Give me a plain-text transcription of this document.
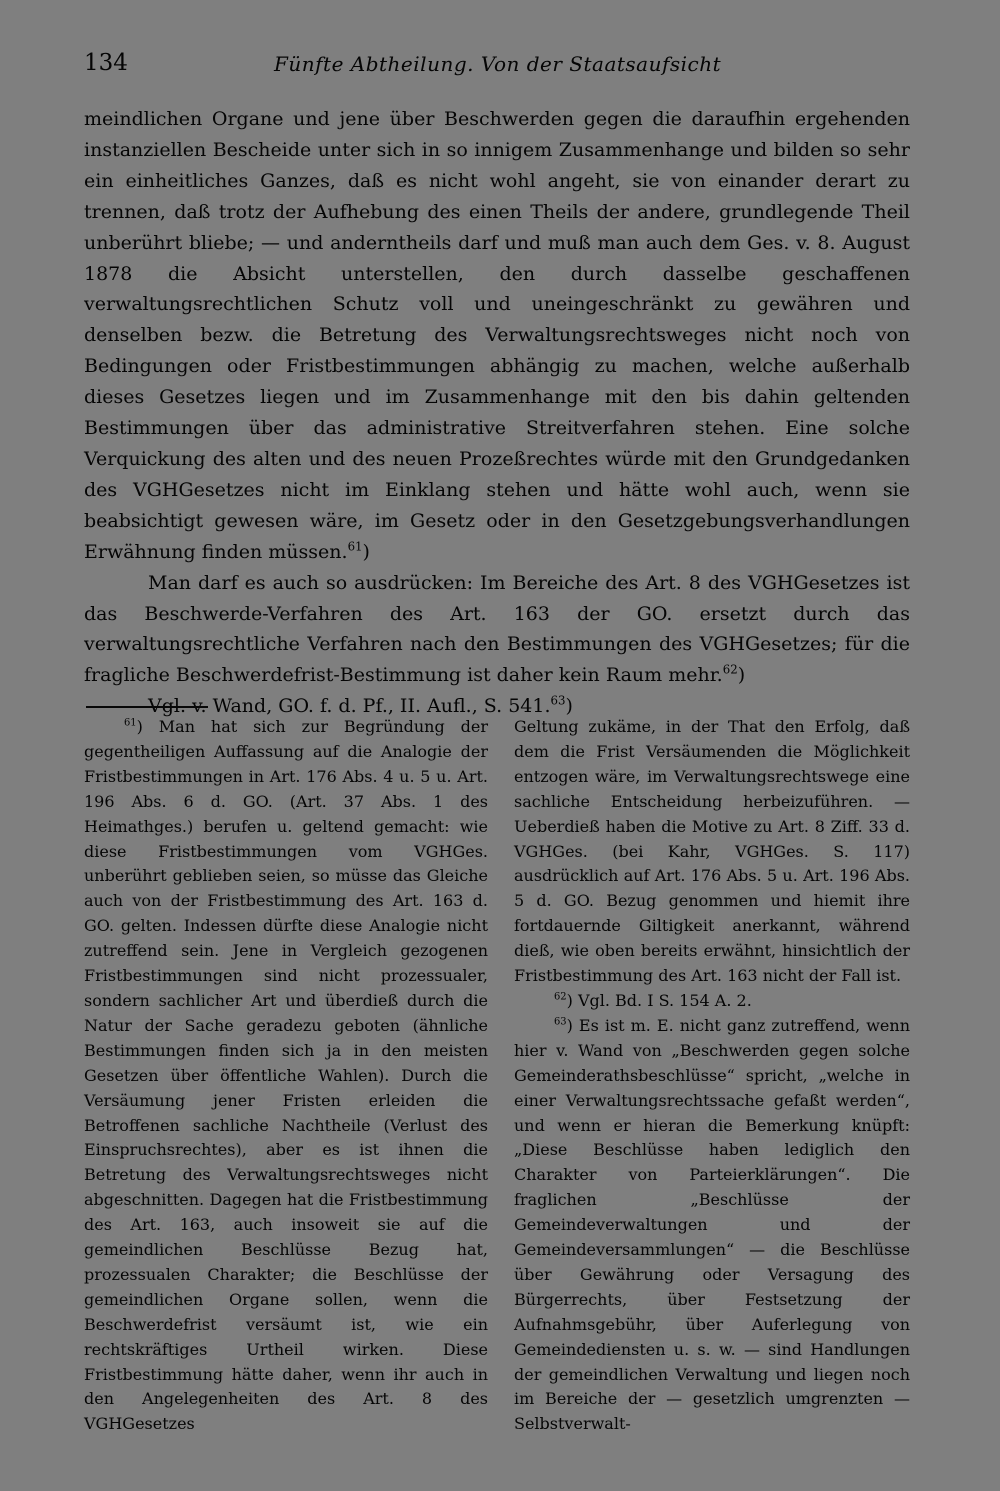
134	Fünfte Abtheilung. Von der Staatsaufsicht

meindlichen Organe und jene über Beschwerden gegen die daraufhin ergehenden instanziellen Bescheide unter sich in so innigem Zusammenhange und bilden so sehr ein einheitliches Ganzes, daß es nicht wohl angeht, sie von einander derart zu trennen, daß trotz der Aufhebung des einen Theils der andere, grundlegende Theil unberührt bliebe; — und anderntheils darf und muß man auch dem Ges. v. 8. August 1878 die Absicht unterstellen, den durch dasselbe geschaffenen verwaltungsrechtlichen Schutz voll und uneingeschränkt zu gewähren und denselben bezw. die Betretung des Verwaltungsrechtsweges nicht noch von Bedingungen oder Fristbestimmungen abhängig zu machen, welche außerhalb dieses Gesetzes liegen und im Zusammenhange mit den bis dahin geltenden Bestimmungen über das administrative Streitverfahren stehen. Eine solche Verquickung des alten und des neuen Prozeßrechtes würde mit den Grundgedanken des VGHGesetzes nicht im Einklang stehen und hätte wohl auch, wenn sie beabsichtigt gewesen wäre, im Gesetz oder in den Gesetzgebungsverhandlungen Erwähnung finden müssen.$^{61}$)

Man darf es auch so ausdrücken: Im Bereiche des Art. 8 des VGHGesetzes ist das Beschwerde-Verfahren des Art. 163 der GO. ersetzt durch das verwaltungsrechtliche Verfahren nach den Bestimmungen des VGHGesetzes; für die fragliche Beschwerdefrist-Bestimmung ist daher kein Raum mehr.$^{62}$)

Vgl. v. Wand, GO. f. d. Pf., II. Aufl., S. 541.63)

$^{61}$) Man hat sich zur Begründung der gegentheiligen Auffassung auf die Analogie der Fristbestimmungen in Art. 176 Abs. 4 u. 5 u. Art. 196 Abs. 6 d. GO. (Art. 37 Abs. 1 des Heimathges.) berufen u. geltend gemacht: wie diese Fristbestimmungen vom VGHGes. unberührt geblieben seien, so müsse das Gleiche auch von der Fristbestimmung des Art. 163 d. GO. gelten. Indessen dürfte diese Analogie nicht zutreffend sein. Jene in Vergleich gezogenen Fristbestimmungen sind nicht prozessualer, sondern sachlicher Art und überdieß durch die Natur der Sache geradezu geboten (ähnliche Bestimmungen finden sich ja in den meisten Gesetzen über öffentliche Wahlen). Durch die Versäumung jener Fristen erleiden die Betroffenen sachliche Nachtheile (Verlust des Einspruchsrechtes), aber es ist ihnen die Betretung des Verwaltungsrechtsweges nicht abgeschnitten. Dagegen hat die Fristbestimmung des Art. 163, auch insoweit sie auf die gemeindlichen Beschlüsse Bezug hat, prozessualen Charakter; die Beschlüsse der gemeindlichen Organe sollen, wenn die Beschwerdefrist versäumt ist, wie ein rechtskräftiges Urtheil wirken. Diese Fristbestimmung hätte daher, wenn ihr auch in den Angelegenheiten des Art. 8 des VGHGesetzes

Geltung zukäme, in der That den Erfolg, daß dem die Frist Versäumenden die Möglichkeit entzogen wäre, im Verwaltungsrechtswege eine sachliche Entscheidung herbeizuführen. — Ueberdieß haben die Motive zu Art. 8 Ziff. 33 d. VGHGes. (bei Kahr, VGHGes. S. 117) ausdrücklich auf Art. 176 Abs. 5 u. Art. 196 Abs. 5 d. GO. Bezug genommen und hiemit ihre fortdauernde Giltigkeit anerkannt, während dieß, wie oben bereits erwähnt, hinsichtlich der Fristbestimmung des Art. 163 nicht der Fall ist.

$^{62}$) Vgl. Bd. I S. 154 A. 2.

$^{63}$) Es ist m. E. nicht ganz zutreffend, wenn hier v. Wand von „Beschwerden gegen solche Gemeinderathsbeschlüsse“ spricht, „welche in einer Verwaltungsrechtssache gefaßt werden“, und wenn er hieran die Bemerkung knüpft: „Diese Beschlüsse haben lediglich den Charakter von Parteierklärungen“. Die fraglichen „Beschlüsse der Gemeindeverwaltungen und der Gemeindeversammlungen“ — die Beschlüsse über Gewährung oder Versagung des Bürgerrechts, über Festsetzung der Aufnahmsgebühr, über Auferlegung von Gemeindediensten u. s. w. — sind Handlungen der gemeindlichen Verwaltung und liegen noch im Bereiche der — gesetzlich umgrenzten — Selbstverwalt-
